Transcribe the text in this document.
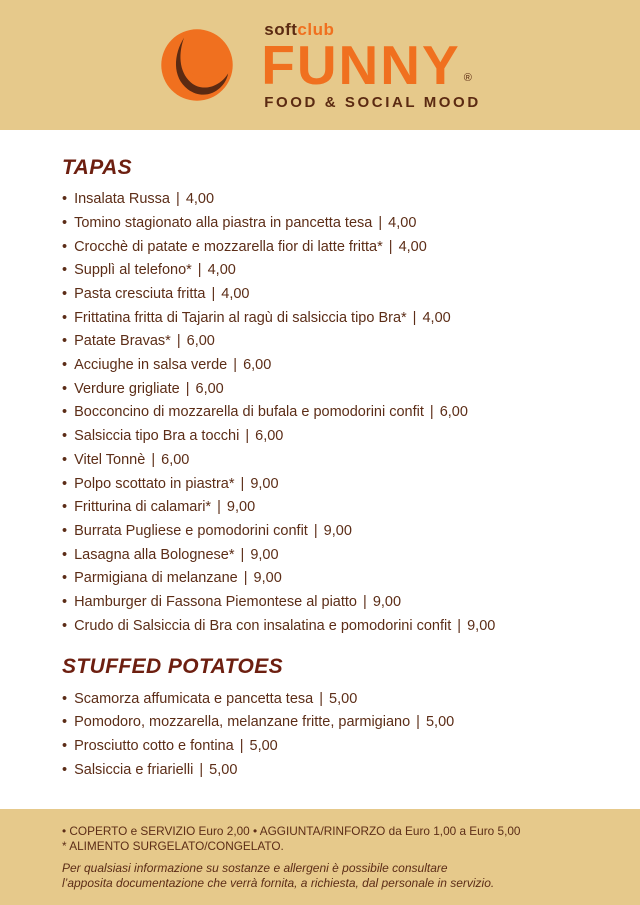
softclub
FUNNY ®
FOOD & SOCIAL MOOD
TAPAS
• Insalata Russa | 4,00
• Tomino stagionato alla piastra in pancetta tesa | 4,00
• Crocchè di patate e mozzarella fior di latte fritta* | 4,00
• Supplì al telefono* | 4,00
• Pasta cresciuta fritta | 4,00
• Frittatina fritta di Tajarin al ragù di salsiccia tipo Bra* | 4,00
• Patate Bravas* | 6,00
• Acciughe in salsa verde | 6,00
• Verdure grigliate | 6,00
• Bocconcino di mozzarella di bufala e pomodorini confit | 6,00
• Salsiccia tipo Bra a tocchi | 6,00
• Vitel Tonnè | 6,00
• Polpo scottato in piastra* | 9,00
• Fritturina di calamari* | 9,00
• Burrata Pugliese e pomodorini confit | 9,00
• Lasagna alla Bolognese* | 9,00
• Parmigiana di melanzane | 9,00
• Hamburger di Fassona Piemontese al piatto | 9,00
• Crudo di Salsiccia di Bra con insalatina e pomodorini confit | 9,00
STUFFED POTATOES
• Scamorza affumicata e pancetta tesa | 5,00
• Pomodoro, mozzarella, melanzane fritte, parmigiano | 5,00
• Prosciutto cotto e fontina | 5,00
• Salsiccia e friarielli | 5,00
• COPERTO e SERVIZIO Euro 2,00 • AGGIUNTA/RINFORZO da Euro 1,00 a Euro 5,00
* ALIMENTO SURGELATO/CONGELATO.
Per qualsiasi informazione su sostanze e allergeni è possibile consultare
l’apposita documentazione che verrà fornita, a richiesta, dal personale in servizio.
